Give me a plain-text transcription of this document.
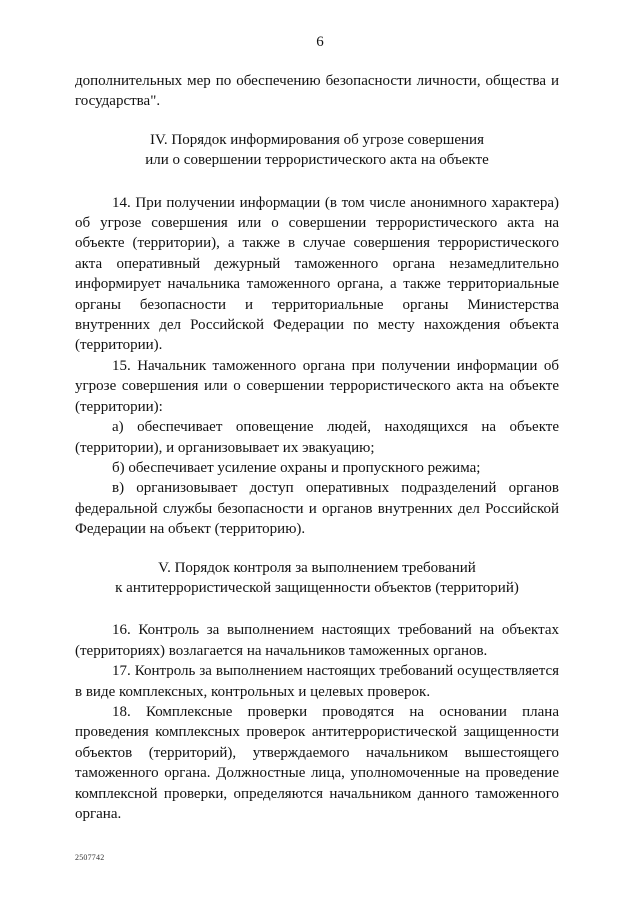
6

дополнительных мер по обеспечению безопасности личности, общества и государства".

IV. Порядок информирования об угрозе совершения
или о совершении террористического акта на объекте

14. При получении информации (в том числе анонимного характера) об угрозе совершения или о совершении террористического акта на объекте (территории), а также в случае совершения террористического акта оперативный дежурный таможенного органа незамедлительно информирует начальника таможенного органа, а также территориальные органы безопасности и территориальные органы Министерства внутренних дел Российской Федерации по месту нахождения объекта (территории).

15. Начальник таможенного органа при получении информации об угрозе совершения или о совершении террористического акта на объекте (территории):

а) обеспечивает оповещение людей, находящихся на объекте (территории), и организовывает их эвакуацию;

б) обеспечивает усиление охраны и пропускного режима;

в) организовывает доступ оперативных подразделений органов федеральной службы безопасности и органов внутренних дел Российской Федерации на объект (территорию).

V. Порядок контроля за выполнением требований
к антитеррористической защищенности объектов (территорий)

16. Контроль за выполнением настоящих требований на объектах (территориях) возлагается на начальников таможенных органов.

17. Контроль за выполнением настоящих требований осуществляется в виде комплексных, контрольных и целевых проверок.

18. Комплексные проверки проводятся на основании плана проведения комплексных проверок антитеррористической защищенности объектов (территорий), утверждаемого начальником вышестоящего таможенного органа. Должностные лица, уполномоченные на проведение комплексной проверки, определяются начальником данного таможенного органа.

2507742
